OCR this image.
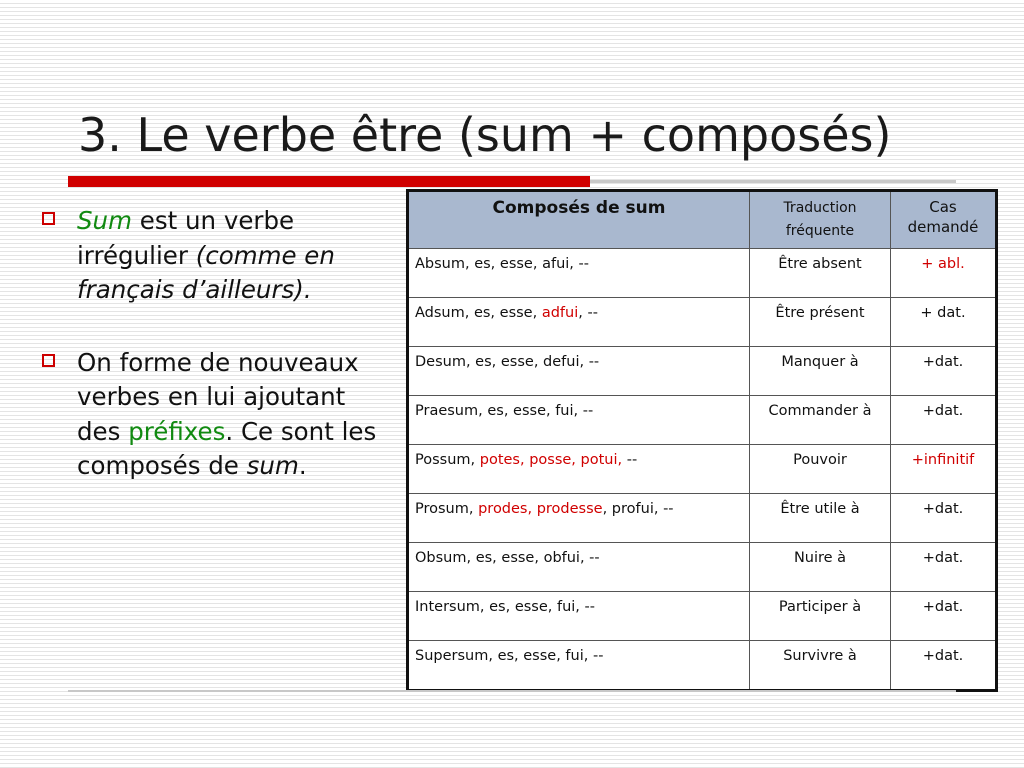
3. Le verbe être (sum + composés)
Sum est un verbe irrégulier (comme en français d’ailleurs).
On forme de nouveaux verbes en lui ajoutant des préfixes. Ce sont les composés de sum.
Composés de sum	Traduction fréquente	Cas demandé
Absum, es, esse, afui, --	Être absent	+ abl.
Adsum, es, esse, adfui, --	Être présent	+ dat.
Desum, es, esse, defui, --	Manquer à	+dat.
Praesum, es, esse, fui, --	Commander à	+dat.
Possum, potes, posse, potui, --	Pouvoir	+infinitif
Prosum, prodes, prodesse, profui, --	Être utile à	+dat.
Obsum, es, esse, obfui, --	Nuire à	+dat.
Intersum, es, esse, fui, --	Participer à	+dat.
Supersum, es, esse, fui, --	Survivre à	+dat.
